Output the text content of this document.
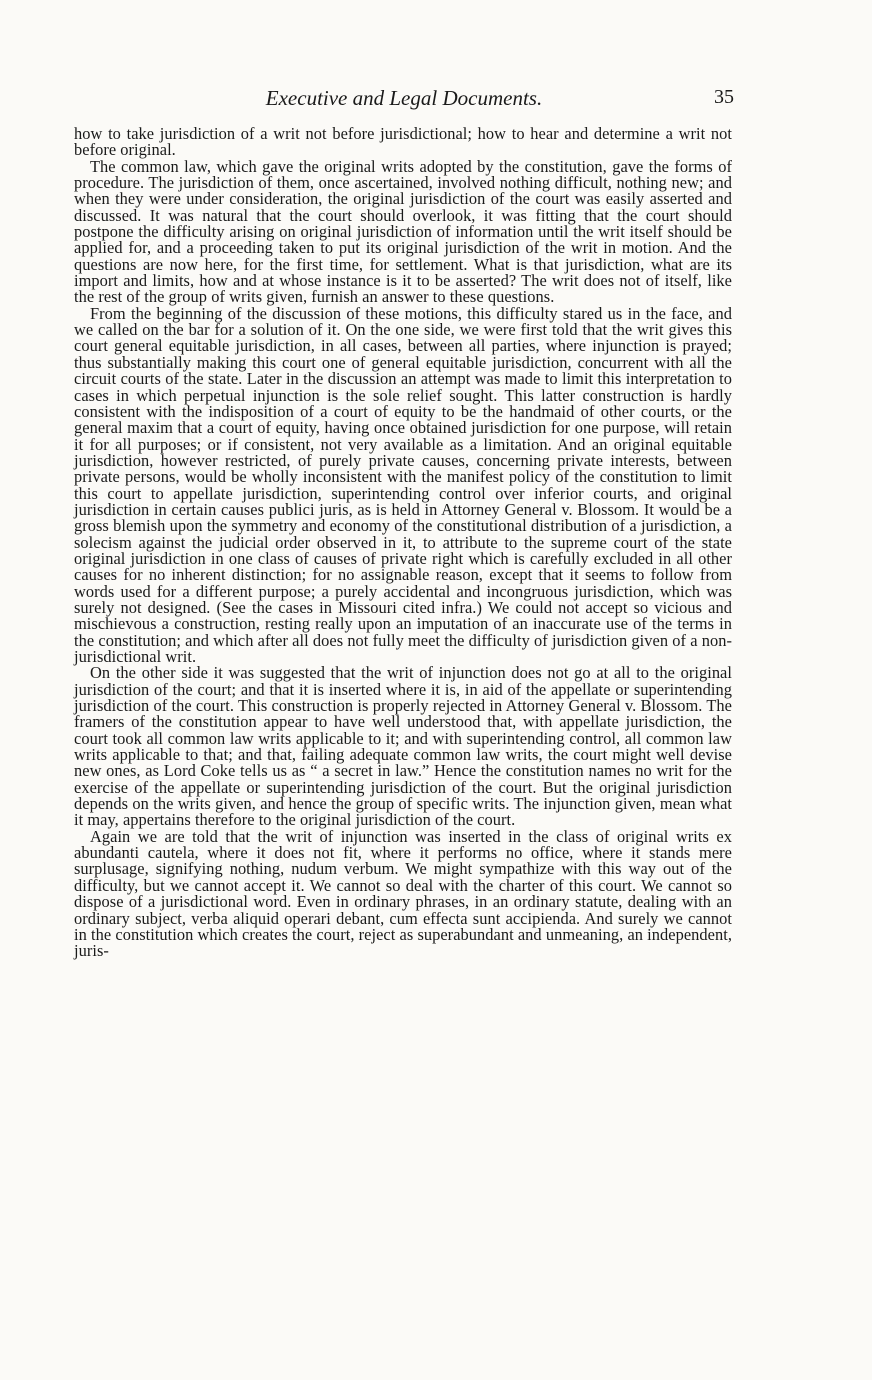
Executive and Legal Documents.	35

how to take jurisdiction of a writ not before jurisdictional; how to hear and determine a writ not before original.

The common law, which gave the original writs adopted by the constitution, gave the forms of procedure. The jurisdiction of them, once ascertained, involved nothing difficult, nothing new; and when they were under consideration, the original jurisdiction of the court was easily asserted and discussed. It was natural that the court should overlook, it was fitting that the court should postpone the difficulty arising on original jurisdiction of information until the writ itself should be applied for, and a proceeding taken to put its original jurisdiction of the writ in motion. And the questions are now here, for the first time, for settlement. What is that jurisdiction, what are its import and limits, how and at whose instance is it to be asserted? The writ does not of itself, like the rest of the group of writs given, furnish an answer to these questions.

From the beginning of the discussion of these motions, this difficulty stared us in the face, and we called on the bar for a solution of it. On the one side, we were first told that the writ gives this court general equitable jurisdiction, in all cases, between all parties, where injunction is prayed; thus substantially making this court one of general equitable jurisdiction, concurrent with all the circuit courts of the state. Later in the discussion an attempt was made to limit this interpretation to cases in which perpetual injunction is the sole relief sought. This latter construction is hardly consistent with the indisposition of a court of equity to be the handmaid of other courts, or the general maxim that a court of equity, having once obtained jurisdiction for one purpose, will retain it for all purposes; or if consistent, not very available as a limitation. And an original equitable jurisdiction, however restricted, of purely private causes, concerning private interests, between private persons, would be wholly inconsistent with the manifest policy of the constitution to limit this court to appellate jurisdiction, superintending control over inferior courts, and original jurisdiction in certain causes publici juris, as is held in Attorney General v. Blossom. It would be a gross blemish upon the symmetry and economy of the constitutional distribution of a jurisdiction, a solecism against the judicial order observed in it, to attribute to the supreme court of the state original jurisdiction in one class of causes of private right which is carefully excluded in all other causes for no inherent distinction; for no assignable reason, except that it seems to follow from words used for a different purpose; a purely accidental and incongruous jurisdiction, which was surely not designed. (See the cases in Missouri cited infra.) We could not accept so vicious and mischievous a construction, resting really upon an imputation of an inaccurate use of the terms in the constitution; and which after all does not fully meet the difficulty of jurisdiction given of a non-jurisdictional writ.

On the other side it was suggested that the writ of injunction does not go at all to the original jurisdiction of the court; and that it is inserted where it is, in aid of the appellate or superintending jurisdiction of the court. This construction is properly rejected in Attorney General v. Blossom. The framers of the constitution appear to have well understood that, with appellate jurisdiction, the court took all common law writs applicable to it; and with superintending control, all common law writs applicable to that; and that, failing adequate common law writs, the court might well devise new ones, as Lord Coke tells us as “ a secret in law.” Hence the constitution names no writ for the exercise of the appellate or superintending jurisdiction of the court. But the original jurisdiction depends on the writs given, and hence the group of specific writs. The injunction given, mean what it may, appertains therefore to the original jurisdiction of the court.

Again we are told that the writ of injunction was inserted in the class of original writs ex abundanti cautela, where it does not fit, where it performs no office, where it stands mere surplusage, signifying nothing, nudum verbum. We might sympathize with this way out of the difficulty, but we cannot accept it. We cannot so deal with the charter of this court. We cannot so dispose of a jurisdictional word. Even in ordinary phrases, in an ordinary statute, dealing with an ordinary subject, verba aliquid operari debant, cum effecta sunt accipienda. And surely we cannot in the constitution which creates the court, reject as superabundant and unmeaning, an independent, juris-
